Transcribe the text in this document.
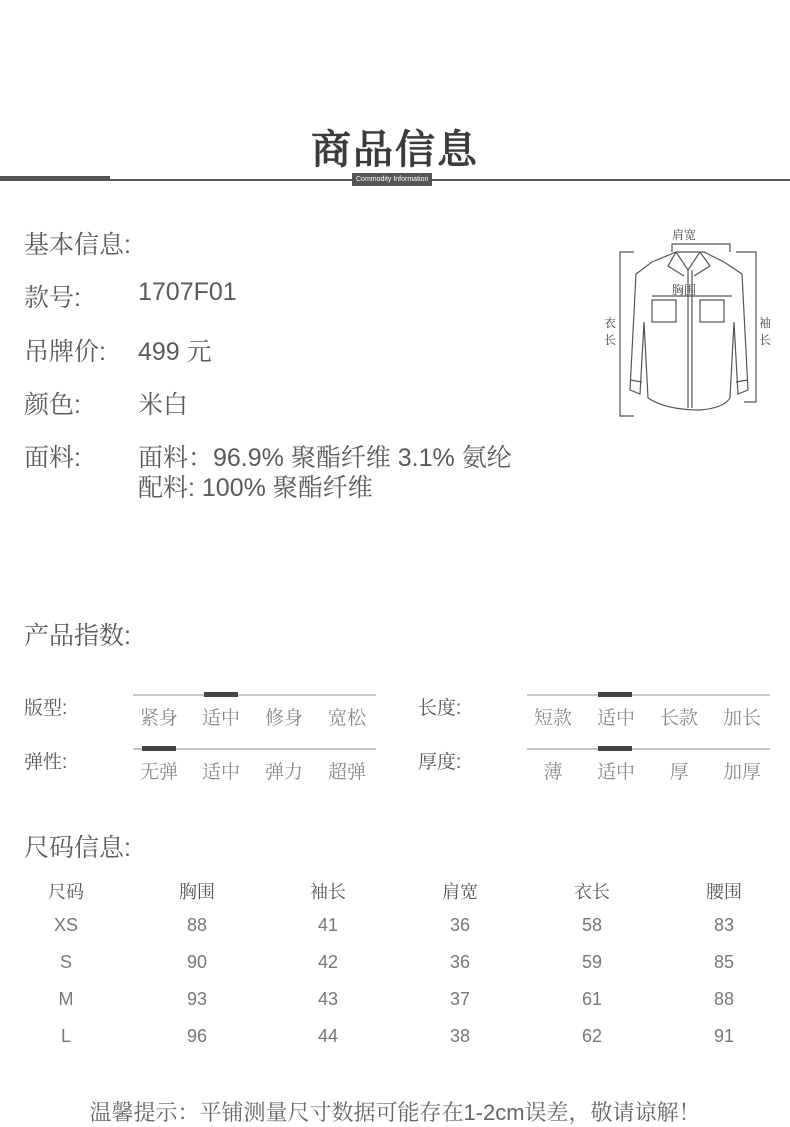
商品信息
Commodity Information
基本信息:
款号: 1707F01
吊牌价: 499 元
颜色: 米白
面料: 面料：96.9% 聚酯纤维 3.1% 氨纶
配料: 100% 聚酯纤维
肩宽
胸围
衣
长
袖
长
产品指数:
版型:	紧身	适中	修身	宽松	长度:	短款	适中	长款	加长
弹性:	无弹	适中	弹力	超弹	厚度:	薄	适中	厚	加厚
尺码信息:
尺码	胸围	袖长	肩宽	衣长	腰围
XS	88	41	36	58	83
S	90	42	36	59	85
M	93	43	37	61	88
L	96	44	38	62	91
温馨提示：平铺测量尺寸数据可能存在1-2cm误差，敬请谅解！
